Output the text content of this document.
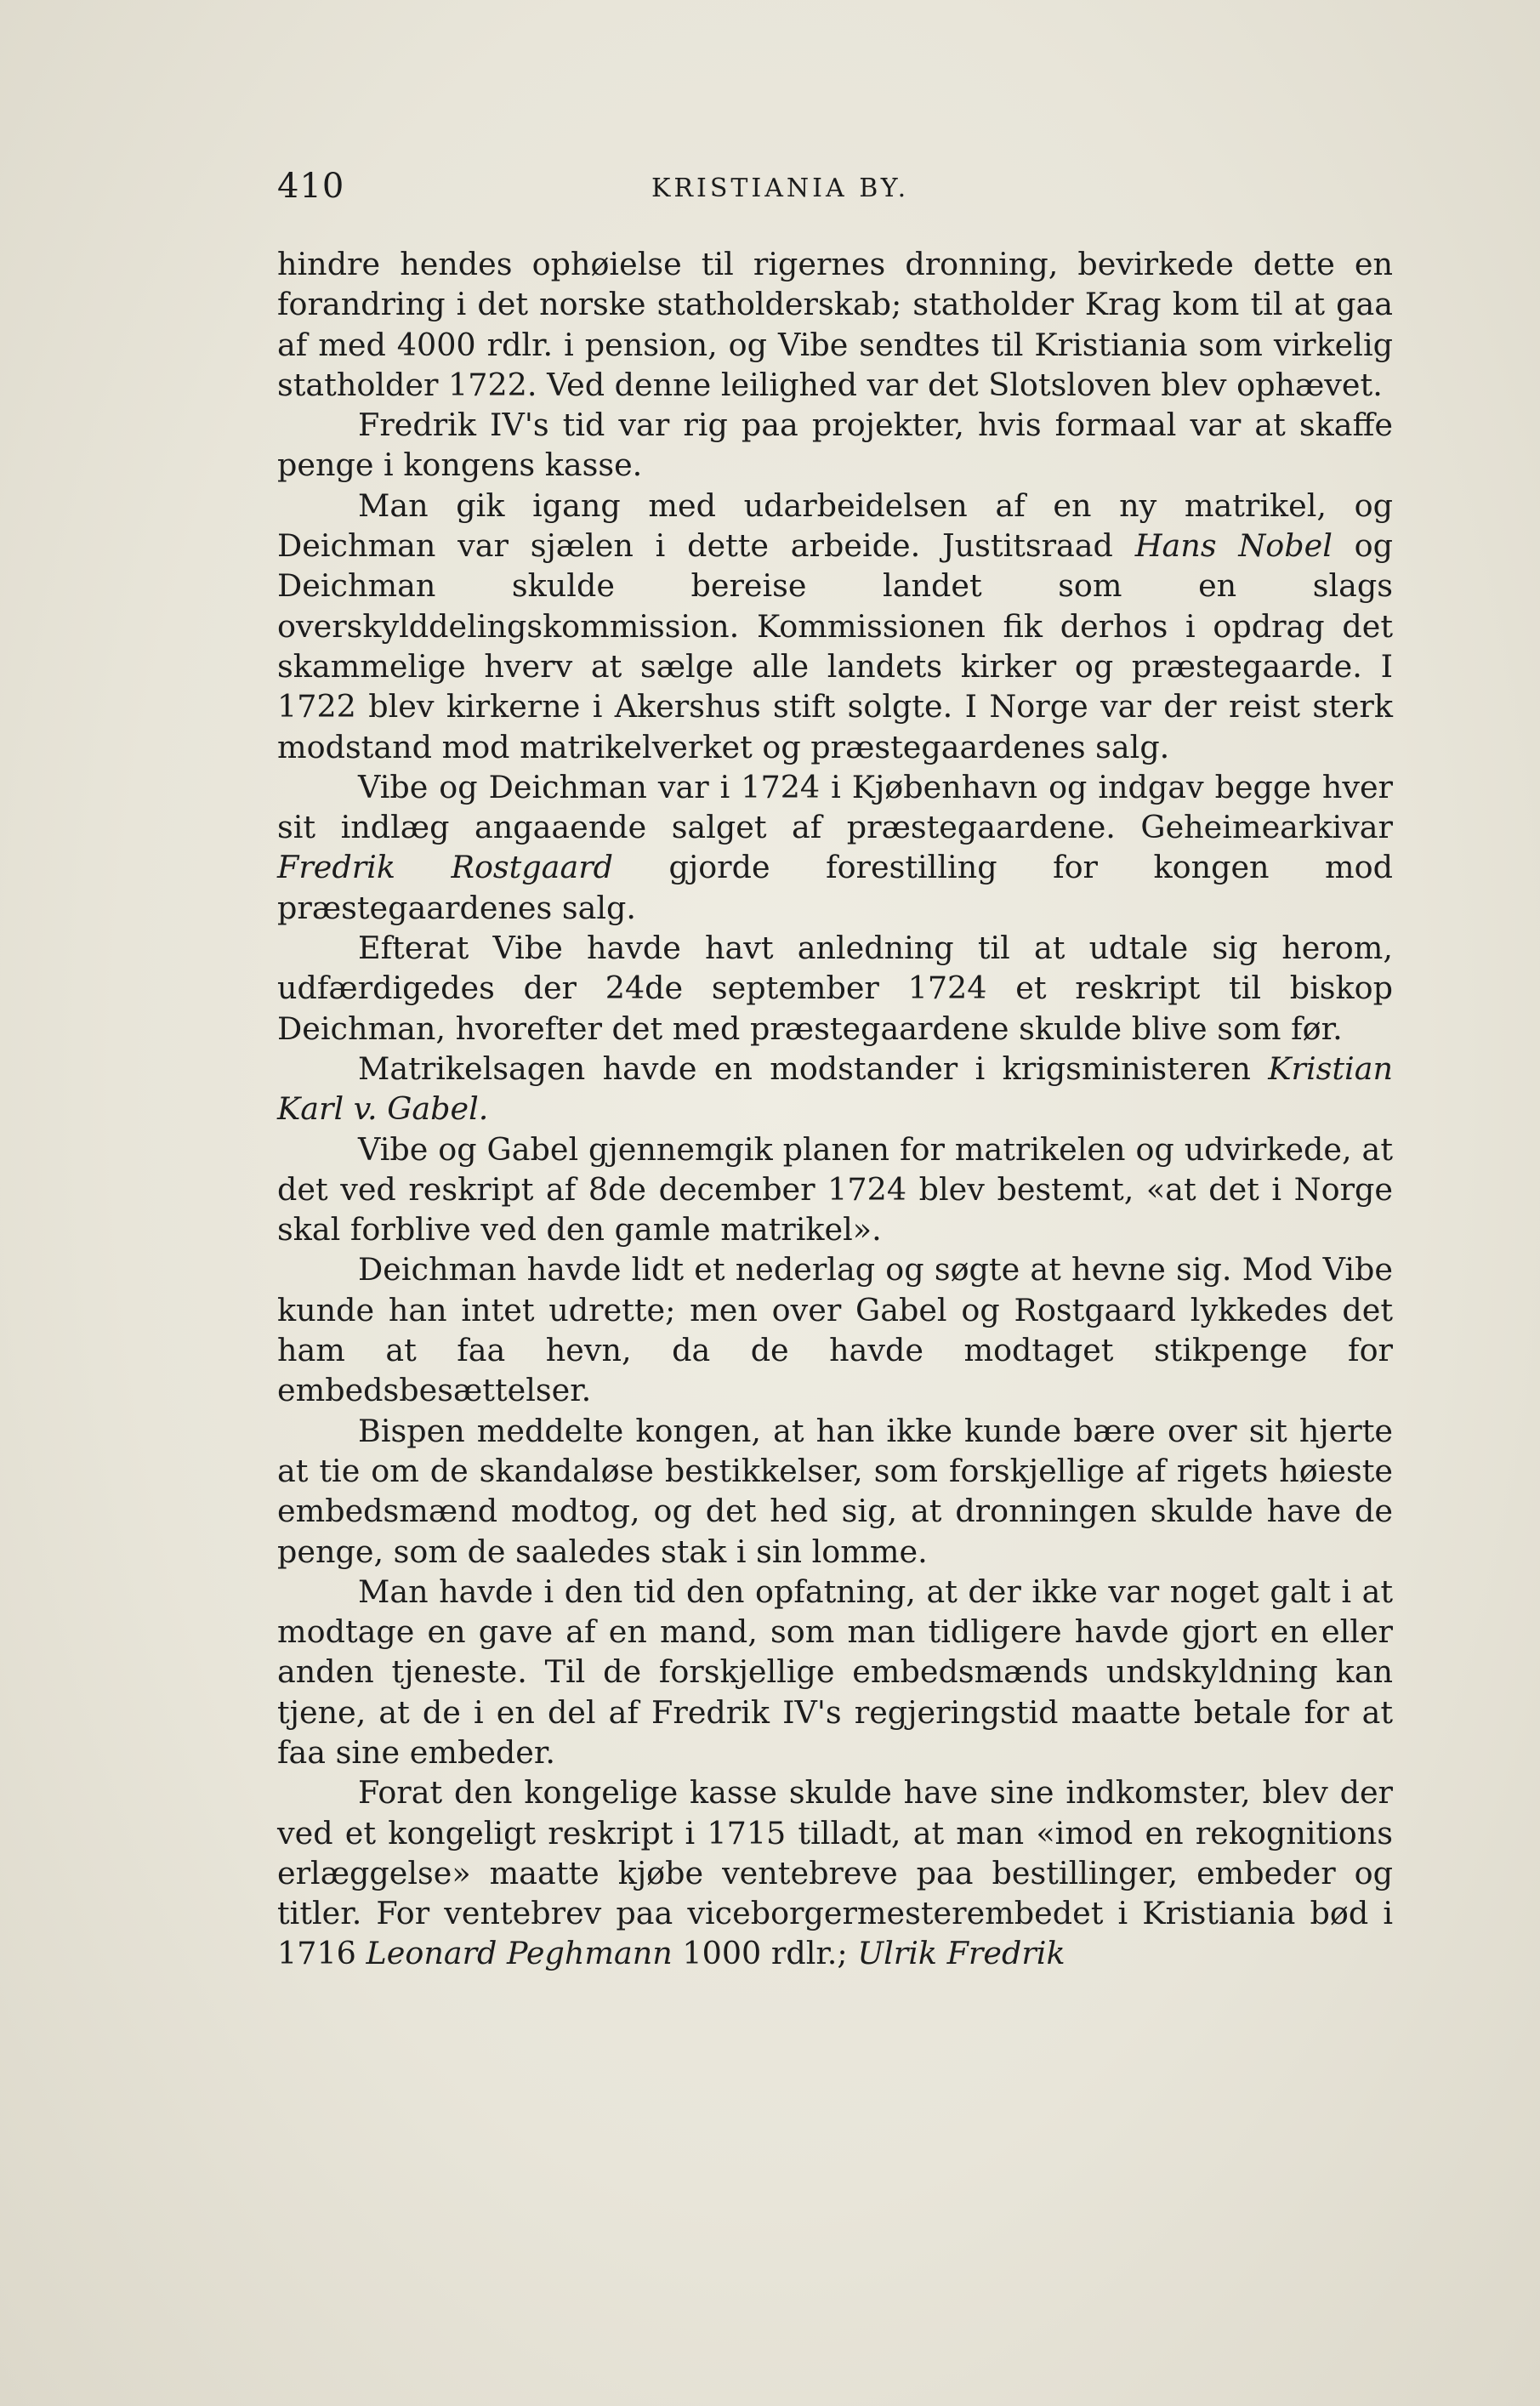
410	KRISTIANIA BY.

hindre hendes ophøielse til rigernes dronning, bevirkede dette en forandring i det norske statholderskab; statholder Krag kom til at gaa af med 4000 rdlr. i pension, og Vibe sendtes til Kristiania som virkelig statholder 1722. Ved denne leilighed var det Slotsloven blev ophævet.

Fredrik IV's tid var rig paa projekter, hvis formaal var at skaffe penge i kongens kasse.

Man gik igang med udarbeidelsen af en ny matrikel, og Deichman var sjælen i dette arbeide. Justitsraad Hans Nobel og Deichman skulde bereise landet som en slags overskylddelingskommission. Kommissionen fik derhos i opdrag det skammelige hverv at sælge alle landets kirker og præstegaarde. I 1722 blev kirkerne i Akershus stift solgte. I Norge var der reist sterk modstand mod matrikelverket og præstegaardenes salg.

Vibe og Deichman var i 1724 i Kjøbenhavn og indgav begge hver sit indlæg angaaende salget af præstegaardene. Geheimearkivar Fredrik Rostgaard gjorde forestilling for kongen mod præstegaardenes salg.

Efterat Vibe havde havt anledning til at udtale sig herom, udfærdigedes der 24de september 1724 et reskript til biskop Deichman, hvorefter det med præstegaardene skulde blive som før.

Matrikelsagen havde en modstander i krigsministeren Kristian Karl v. Gabel.

Vibe og Gabel gjennemgik planen for matrikelen og udvirkede, at det ved reskript af 8de december 1724 blev bestemt, «at det i Norge skal forblive ved den gamle matrikel».

Deichman havde lidt et nederlag og søgte at hevne sig. Mod Vibe kunde han intet udrette; men over Gabel og Rostgaard lykkedes det ham at faa hevn, da de havde modtaget stikpenge for embedsbesættelser.

Bispen meddelte kongen, at han ikke kunde bære over sit hjerte at tie om de skandaløse bestikkelser, som forskjellige af rigets høieste embedsmænd modtog, og det hed sig, at dronningen skulde have de penge, som de saaledes stak i sin lomme.

Man havde i den tid den opfatning, at der ikke var noget galt i at modtage en gave af en mand, som man tidligere havde gjort en eller anden tjeneste. Til de forskjellige embedsmænds undskyldning kan tjene, at de i en del af Fredrik IV's regjeringstid maatte betale for at faa sine embeder.

Forat den kongelige kasse skulde have sine indkomster, blev der ved et kongeligt reskript i 1715 tilladt, at man «imod en rekognitions erlæggelse» maatte kjøbe ventebreve paa bestillinger, embeder og titler. For ventebrev paa viceborgermesterembedet i Kristiania bød i 1716 Leonard Peghmann 1000 rdlr.; Ulrik Fredrik
